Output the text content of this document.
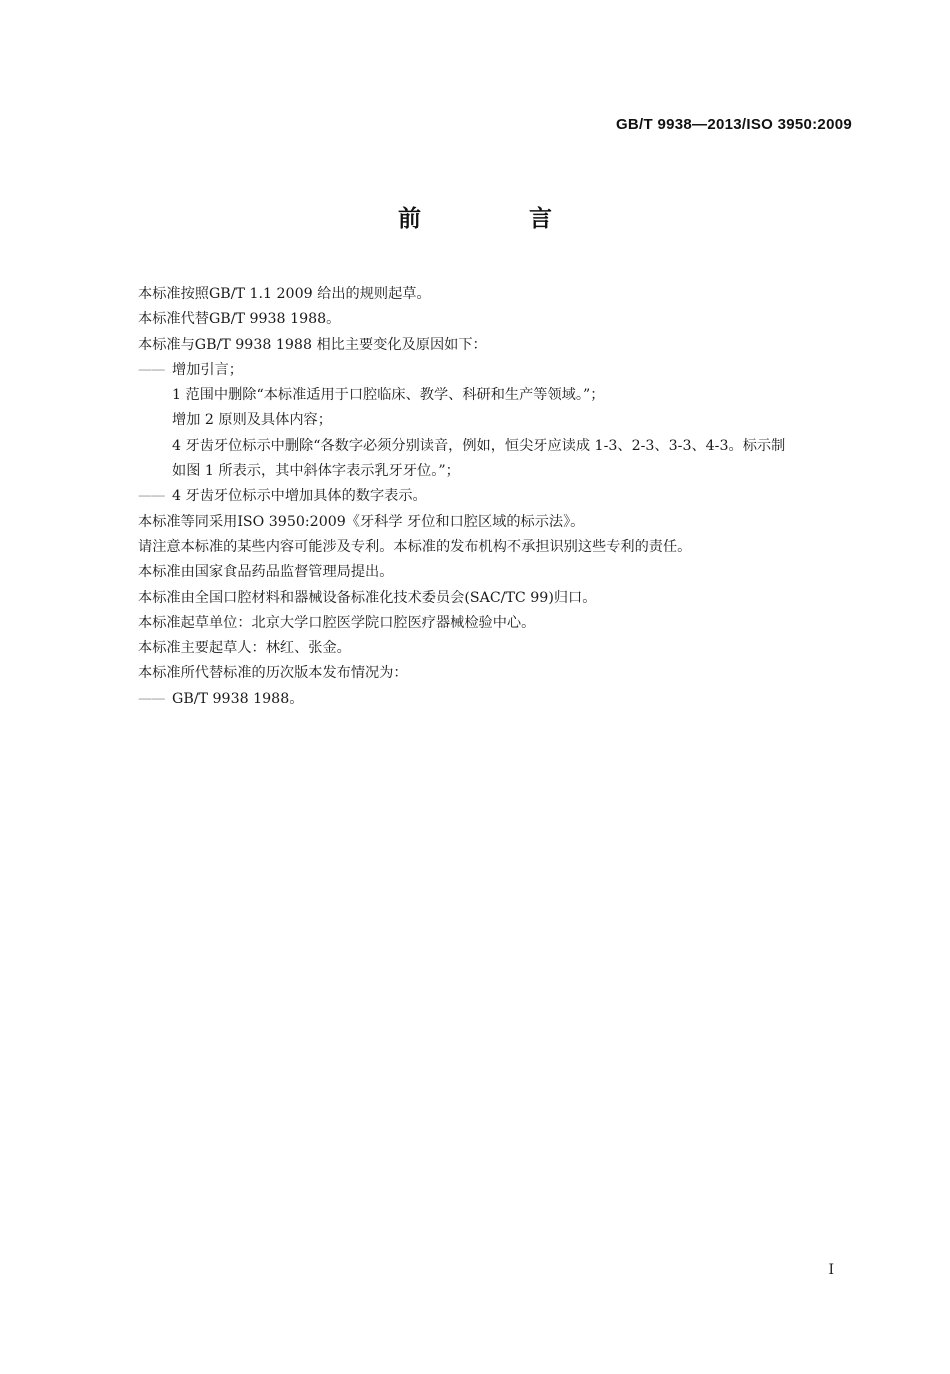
GB/T 9938—2013/ISO 3950:2009
前 言

本标准按照GB/T 1.1 2009 给出的规则起草。

本标准代替GB/T 9938 1988。

本标准与GB/T 9938 1988 相比主要变化及原因如下：

—— 增加引言；

1 范围中删除“本标准适用于口腔临床、教学、科研和生产等领域。”；

增加 2 原则及具体内容；

4 牙齿牙位标示中删除“各数字必须分别读音，例如，恒尖牙应读成 1-3、2-3、3-3、4-3。标示制

如图 1 所表示，其中斜体字表示乳牙牙位。”；

—— 4 牙齿牙位标示中增加具体的数字表示。

本标准等同采用ISO 3950:2009《牙科学 牙位和口腔区域的标示法》。

请注意本标准的某些内容可能涉及专利。本标准的发布机构不承担识别这些专利的责任。

本标准由国家食品药品监督管理局提出。

本标准由全国口腔材料和器械设备标准化技术委员会(SAC/TC 99)归口。

本标准起草单位：北京大学口腔医学院口腔医疗器械检验中心。

本标准主要起草人：林红、张金。

本标准所代替标准的历次版本发布情况为：

—— GB/T 9938 1988。

I
